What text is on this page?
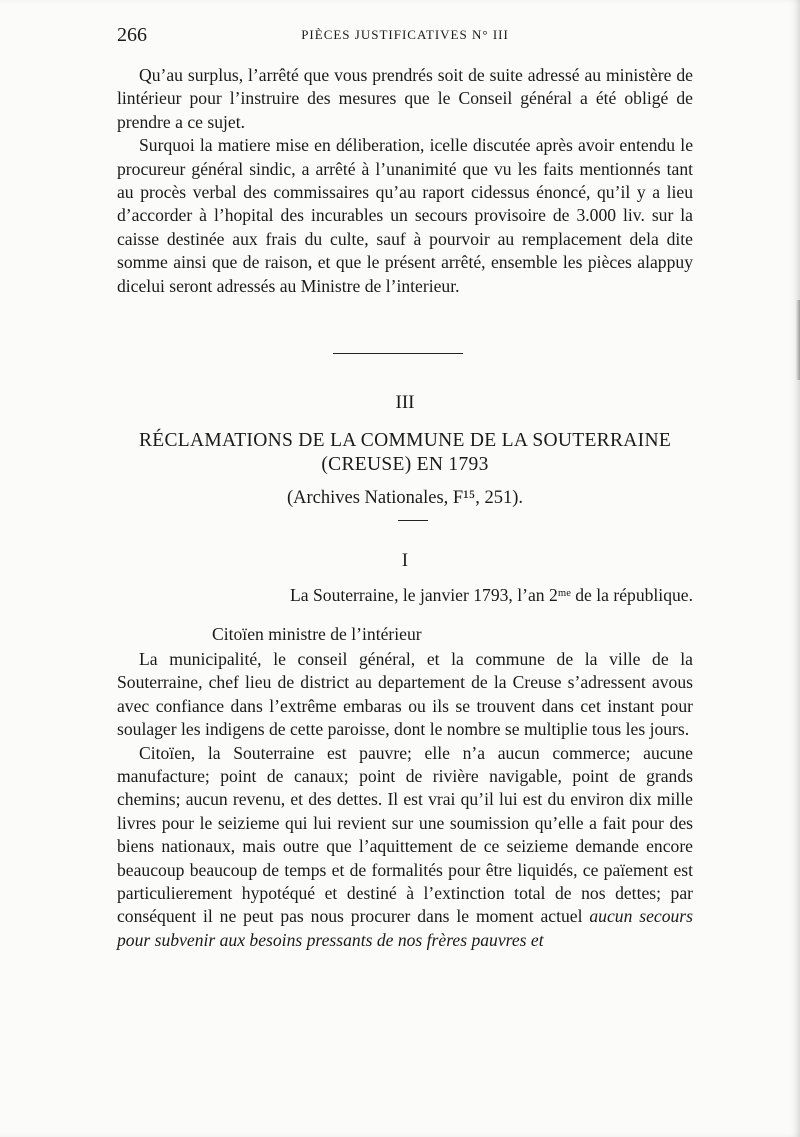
266	PIÈCES JUSTIFICATIVES N° III

Qu’au surplus, l’arrêté que vous prendrés soit de suite adressé au ministère de lintérieur pour l’instruire des mesures que le Conseil général a été obligé de prendre a ce sujet.

Surquoi la matiere mise en déliberation, icelle discutée après avoir entendu le procureur général sindic, a arrêté à l’unanimité que vu les faits mentionnés tant au procès verbal des commissaires qu’au raport cidessus énoncé, qu’il y a lieu d’accorder à l’hopital des incurables un secours provisoire de 3.000 liv. sur la caisse destinée aux frais du culte, sauf à pourvoir au remplacement dela dite somme ainsi que de raison, et que le présent arrêté, ensemble les pièces alappuy dicelui seront adressés au Ministre de l’interieur.

III
RÉCLAMATIONS DE LA COMMUNE DE LA SOUTERRAINE
(CREUSE) EN 1793
(Archives Nationales, F¹⁵, 251).
I
La Souterraine, le janvier 1793, l’an 2ᵐᵉ de la république.
Citoïen ministre de l’intérieur

La municipalité, le conseil général, et la commune de la ville de la Souterraine, chef lieu de district au departement de la Creuse s’adressent avous avec confiance dans l’extrême embaras ou ils se trouvent dans cet instant pour soulager les indigens de cette paroisse, dont le nombre se multiplie tous les jours.

Citoïen, la Souterraine est pauvre; elle n’a aucun commerce; aucune manufacture; point de canaux; point de rivière navigable, point de grands chemins; aucun revenu, et des dettes. Il est vrai qu’il lui est du environ dix mille livres pour le seizieme qui lui revient sur une soumission qu’elle a fait pour des biens nationaux, mais outre que l’aquittement de ce seizieme demande encore beaucoup beaucoup de temps et de formalités pour être liquidés, ce païement est particulierement hypotéqué et destiné à l’extinction total de nos dettes; par conséquent il ne peut pas nous procurer dans le moment actuel aucun secours pour subvenir aux besoins pressants de nos frères pauvres et
